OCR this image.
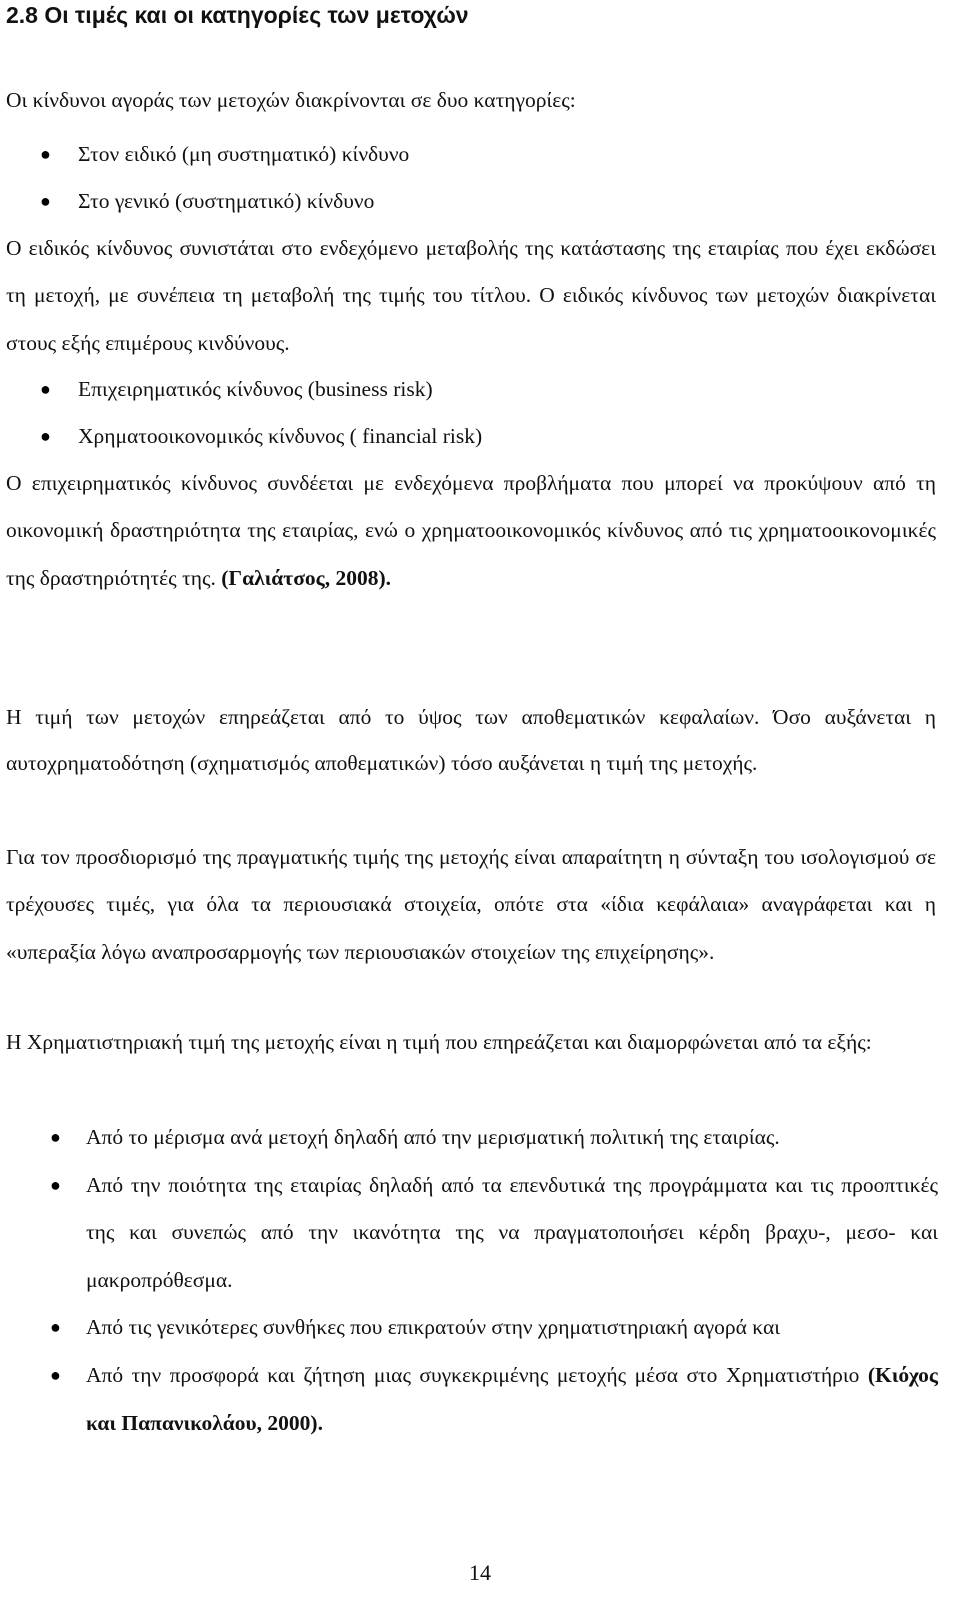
2.8 Οι τιμές και οι κατηγορίες των μετοχών

Οι κίνδυνοι αγοράς των μετοχών διακρίνονται σε δυο κατηγορίες:

● Στον ειδικό (μη συστηματικό) κίνδυνο
● Στο γενικό (συστηματικό) κίνδυνο

Ο ειδικός κίνδυνος συνιστάται στο ενδεχόμενο μεταβολής της κατάστασης της εταιρίας που έχει εκδώσει τη μετοχή, με συνέπεια τη μεταβολή της τιμής του τίτλου. Ο ειδικός κίνδυνος των μετοχών διακρίνεται στους εξής επιμέρους κινδύνους.

● Επιχειρηματικός κίνδυνος (business risk)
● Χρηματοοικονομικός κίνδυνος ( financial risk)

Ο επιχειρηματικός κίνδυνος συνδέεται με ενδεχόμενα προβλήματα που μπορεί να προκύψουν από τη οικονομική δραστηριότητα της εταιρίας, ενώ ο χρηματοοικονομικός κίνδυνος από τις χρηματοοικονομικές της δραστηριότητές της. (Γαλιάτσος, 2008).

Η τιμή των μετοχών επηρεάζεται από το ύψος των αποθεματικών κεφαλαίων. Όσο αυξάνεται η αυτοχρηματοδότηση (σχηματισμός αποθεματικών) τόσο αυξάνεται η τιμή της μετοχής.

Για τον προσδιορισμό της πραγματικής τιμής της μετοχής είναι απαραίτητη η σύνταξη του ισολογισμού σε τρέχουσες τιμές, για όλα τα περιουσιακά στοιχεία, οπότε στα «ίδια κεφάλαια» αναγράφεται και η «υπεραξία λόγω αναπροσαρμογής των περιουσιακών στοιχείων της επιχείρησης».

Η Χρηματιστηριακή τιμή της μετοχής είναι η τιμή που επηρεάζεται και διαμορφώνεται από τα εξής:

● Από το μέρισμα ανά μετοχή δηλαδή από την μερισματική πολιτική της εταιρίας.
● Από την ποιότητα της εταιρίας δηλαδή από τα επενδυτικά της προγράμματα και τις προοπτικές της και συνεπώς από την ικανότητα της να πραγματοποιήσει κέρδη βραχυ-, μεσο- και μακροπρόθεσμα.
● Από τις γενικότερες συνθήκες που επικρατούν στην χρηματιστηριακή αγορά και
● Από την προσφορά και ζήτηση μιας συγκεκριμένης μετοχής μέσα στο Χρηματιστήριο (Κιόχος και Παπανικολάου, 2000).
14
